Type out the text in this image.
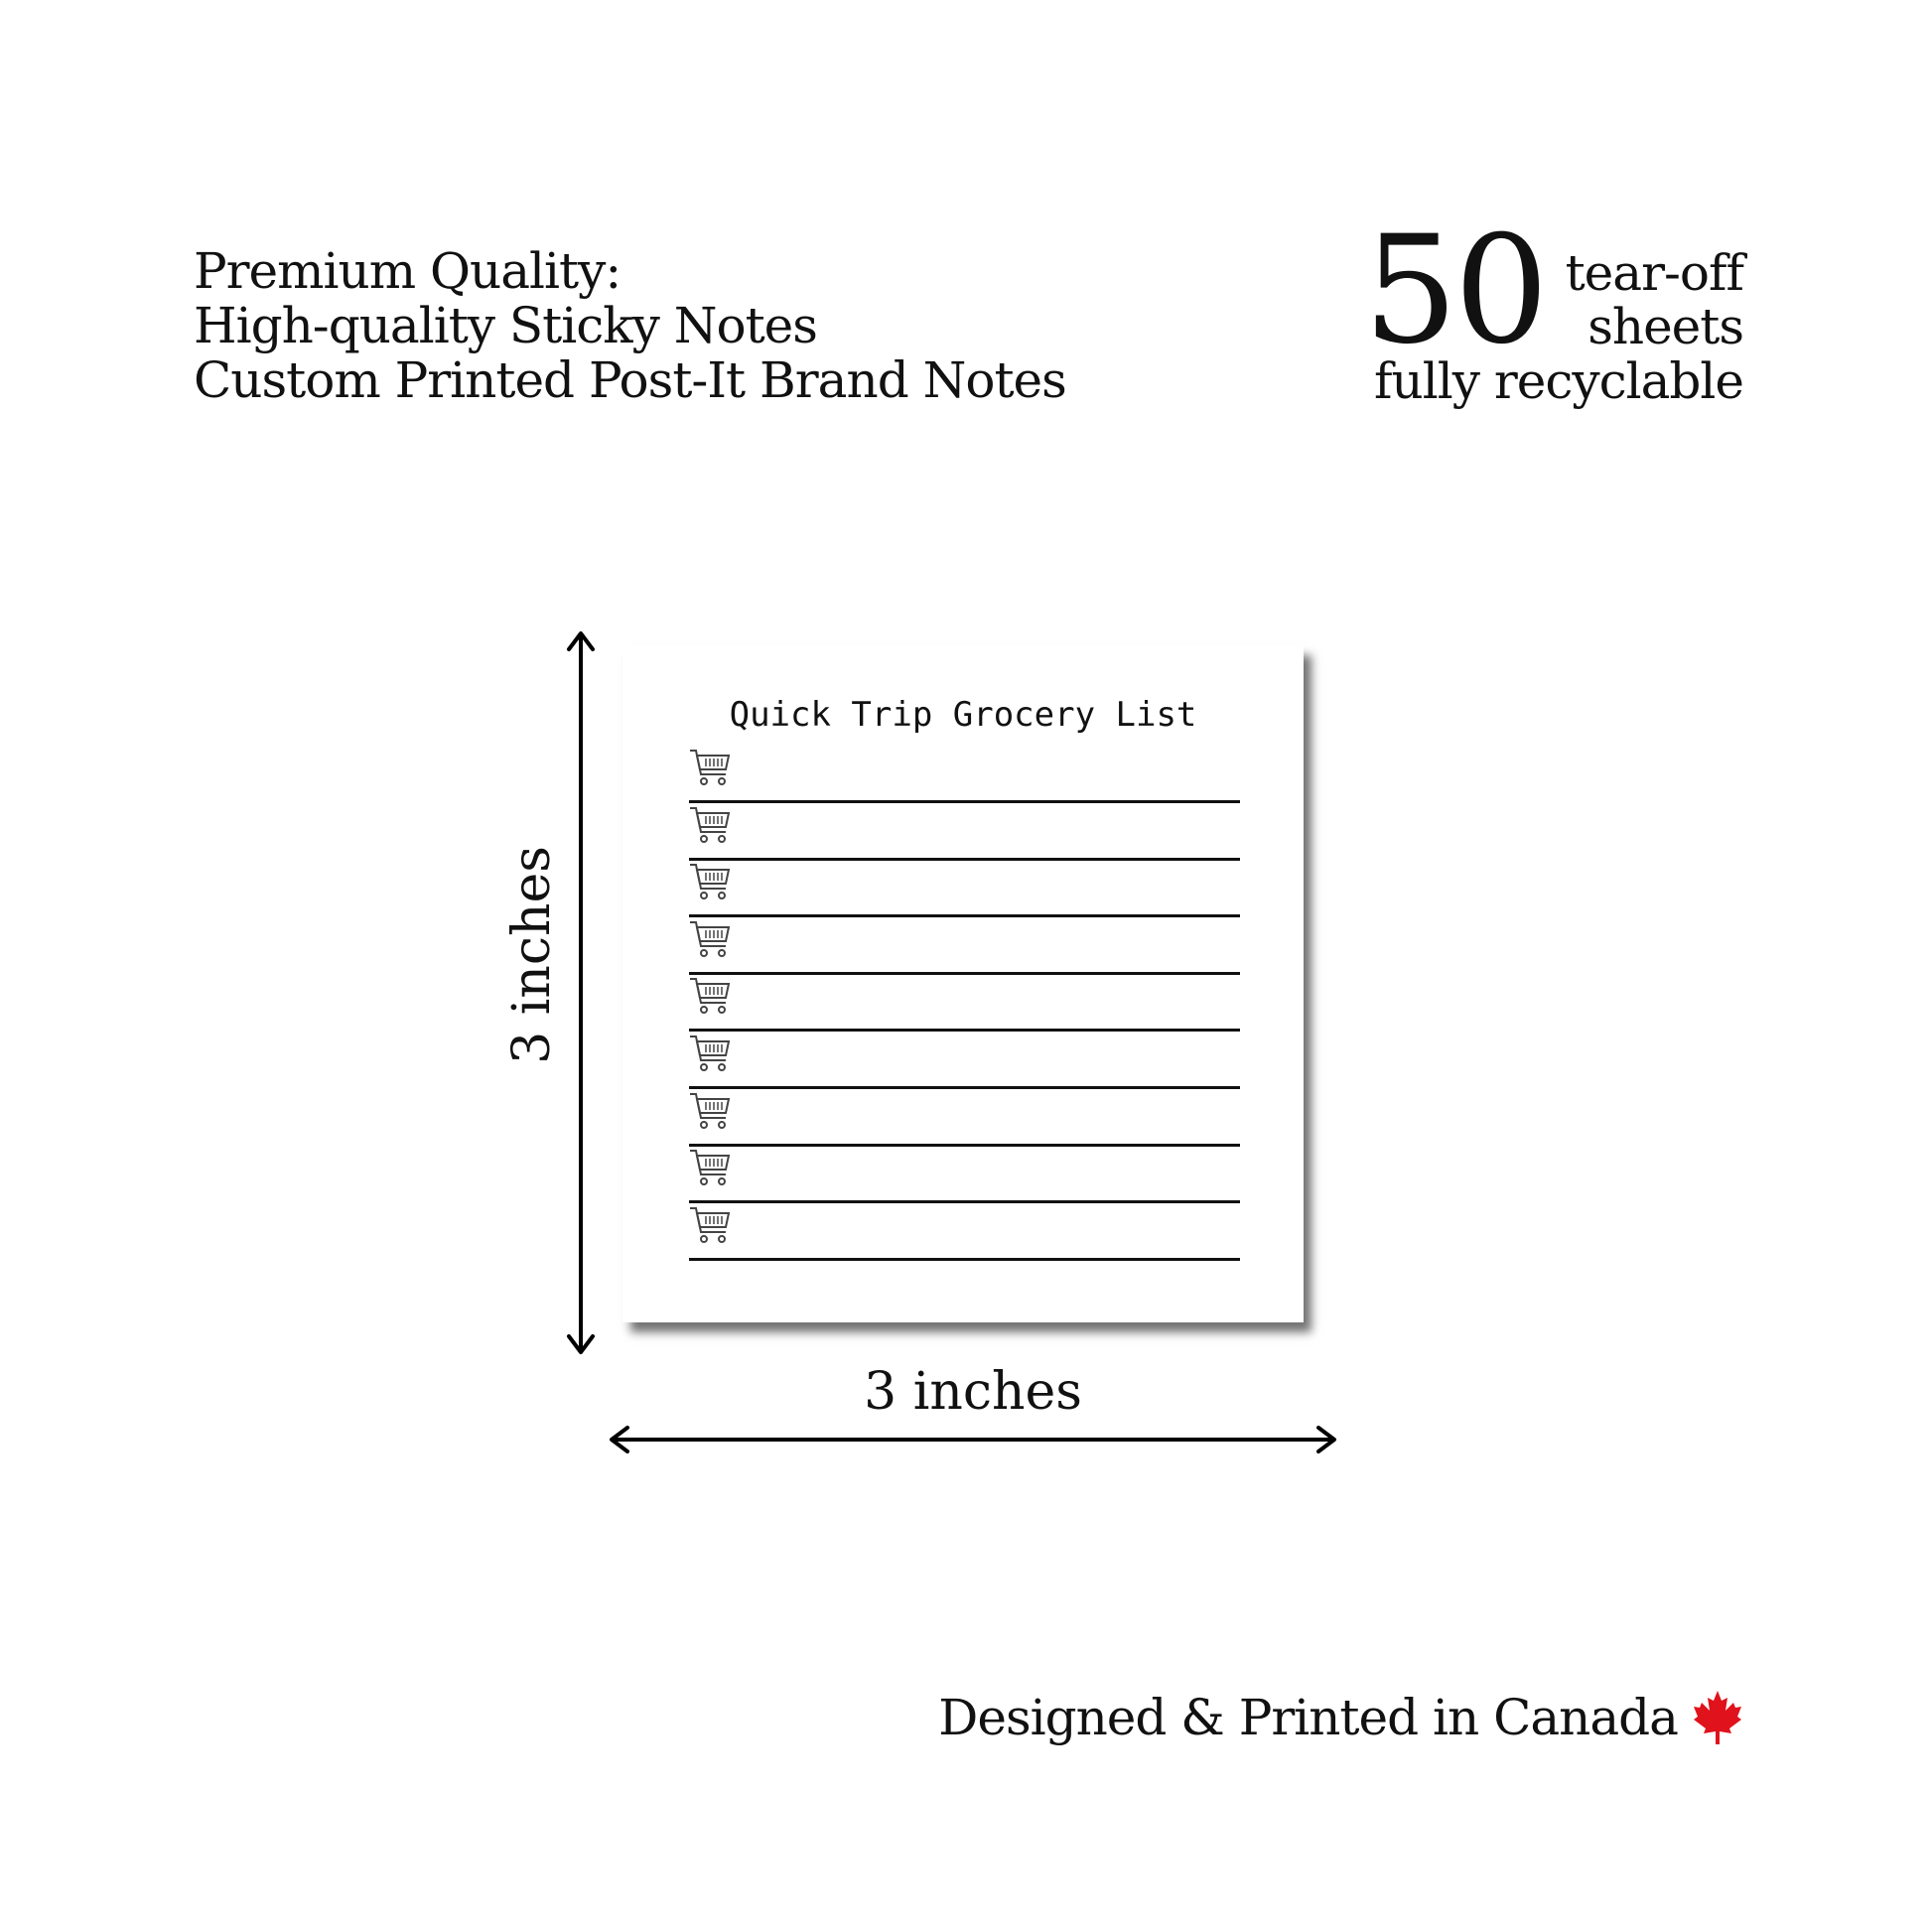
Premium Quality:
High-quality Sticky Notes
Custom Printed Post-It Brand Notes
50 tear-off
sheets
fully recyclable
3 inches
Quick Trip Grocery List
3 inches
Designed & Printed in Canada
